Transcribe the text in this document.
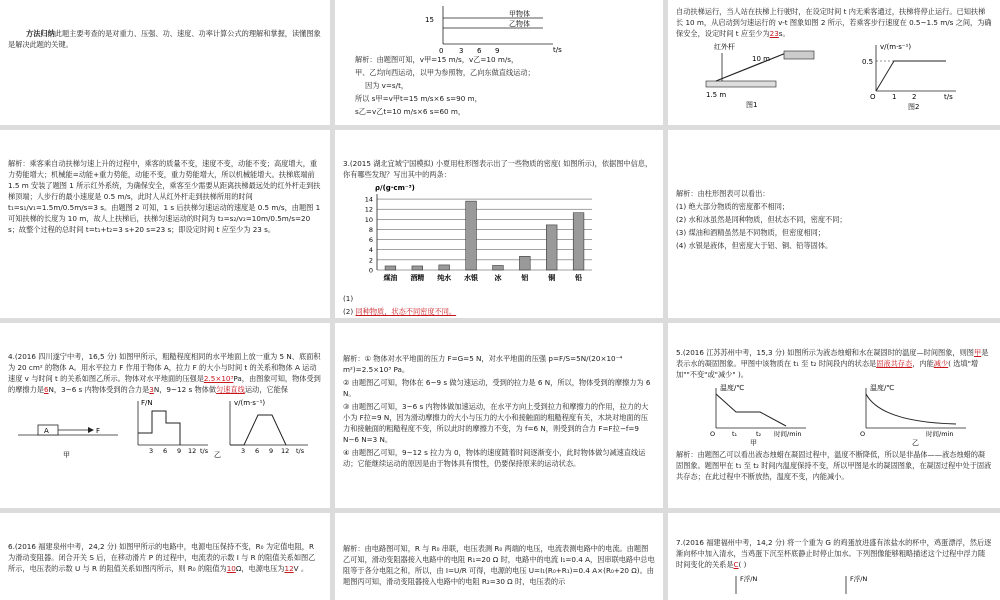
方法归纳此题主要考查的是对重力、压强、功、速度、功率计算公式的理解和掌握，读懂图象是解决此题的关键。

15
甲物体
乙物体
0 3 6 9	t/s

解析：由题图可知，v甲=15 m/s，v乙=10 m/s，

甲、乙均向西运动，以甲为参照物，乙向东做直线运动；

因为 v=s/t，

所以 s甲=v甲t=15 m/s×6 s=90 m，

s乙=v乙t=10 m/s×6 s=60 m，

自动扶梯运行，当人站在扶梯上行驶时，在设定时间 t 内无乘客通过，扶梯将停止运行。已知扶梯长 10 m，从启动到匀速运行的 v-t 图象如图 2 所示，若乘客步行速度在 0.5~1.5 m/s 之间，为确保安全，设定时间 t 应至少为23s。

红外杆
10 m
1.5 m
图1
v/(m·s⁻¹)
0.5
O 1 2	t/s
图2

解析：乘客乘自动扶梯匀速上升的过程中，乘客的质量不变，速度不变，动能不变；高度增大，重力势能增大；机械能=动能+重力势能，动能不变，重力势能增大，所以机械能增大。扶梯底端前 1.5 m 安装了题图 1 所示红外系统，为确保安全，乘客至少需要从距离扶梯最远处的红外杆走到扶梯顶端；人步行的最小速度是 0.5 m/s，此时人从红外杆走到扶梯所用的时间 t₁=s₁/v₁=1.5m/0.5m/s=3 s。由题图 2 可知，1 s 后扶梯匀速运动的速度是 0.5 m/s，由题图 1 可知扶梯的长度为 10 m，故人上扶梯后，扶梯匀速运动的时间为 t₂=s₂/v₂=10m/0.5m/s=20 s；故整个过程的总时间 t=t₁+t₂=3 s+20 s=23 s；即设定时间 t 应至少为 23 s。

3.(2015 湖北宜城宁国模拟) 小夏用柱形图表示出了一些物质的密度( 如图所示)，依据图中信息，你有哪些发现？写出其中的两条：

ρ/(g·cm⁻³)
0
2
4
6
8
10
12
14
煤油 酒精 纯水 水银 冰	铝	铜	铅

(1)

(2) 同种物质，状态不同密度不同。

解析：由柱形图表可以看出：

(1) 绝大部分物质的密度都不相同；

(2) 水和冰虽然是同种物质，但状态不同，密度不同；

(3) 煤油和酒精虽然是不同物质，但密度相同；

(4) 水银是液体，但密度大于铝、铜、铅等固体。

4.(2016 四川遂宁中考，16,5 分) 如图甲所示，粗糙程度相同的水平地面上放一重为 5 N、底面积为 20 cm² 的物体 A。用水平拉力 F 作用于物体 A，拉力 F 的大小与时间 t 的关系和物体 A 运动速度 v 与时间 t 的关系如图乙所示。物体对水平地面的压强是2.5×10³Pa，由图象可知，物体受到的摩擦力是6N，3~6 s 内物体受到的合力是3N，9~12 s 物体做匀速直线运动，它能保

A	F
甲
F/N
3 6 9 12 t/s 乙
v/(m·s⁻¹)
3 6 9 12 t/s

解析：① 物体对水平地面的压力 F=G=5 N，对水平地面的压强 p=F/S=5N/(20×10⁻⁴ m²)=2.5×10³ Pa。

② 由题图乙可知，物体在 6~9 s 做匀速运动，受到的拉力是 6 N，所以，物体受到的摩擦力为 6 N。

③ 由题图乙可知，3~6 s 内物体做加速运动，在水平方向上受到拉力和摩擦力的作用，拉力的大小为 F拉=9 N，因为滑动摩擦力的大小与压力的大小和接触面的粗糙程度有关，木块对地面的压力和接触面的粗糙程度不变，所以此时的摩擦力不变，为 f=6 N，则受到的合力 F=F拉−f=9 N−6 N=3 N。

④ 由题图乙可知，9~12 s 拉力为 0，物体的速度随着时间逐渐变小，此时物体做匀减速直线运动；它能继续运动的原因是由于物体具有惯性，仍要保持原来的运动状态。

5.(2016 江苏苏州中考，15,3 分) 如图所示为液态烛蜡和水在凝固时的温度—时间图象，则图甲是表示水的凝固图象。甲图中该物质在 t₁ 至 t₂ 时间段内的状态是固液共存态，内能减少( 选填"增加""不变"或"减少" )。

温度/℃
O	t₁	t₂ 时间/min
甲
温度/℃
O	时间/min
乙

解析：由题图乙可以看出液态烛蜡在凝固过程中，温度不断降低，所以是非晶体——液态烛蜡的凝固图象。题图甲在 t₁ 至 t₂ 时间内温度保持不变，所以甲图是水的凝固图象，在凝固过程中处于固液共存态；在此过程中不断放热，温度不变，内能减小。

6.(2016 福建泉州中考，24,2 分) 如图甲所示的电路中，电源电压保持不变，R₀ 为定值电阻，R 为滑动变阻器。闭合开关 S 后，在移动滑片 P 的过程中，电流表的示数 I 与 R 的阻值关系如图乙所示，电压表的示数 U 与 R 的阻值关系如图丙所示，则 R₀ 的阻值为10Ω，电源电压为12V 。

解析：由电路图可知，R 与 R₀ 串联，电压表测 R₀ 两端的电压，电流表测电路中的电流。由题图乙可知，滑动变阻器接入电路中的电阻 R₁=20 Ω 时，电路中的电流 I₁=0.4 A，因串联电路中总电阻等于各分电阻之和，所以，由 I=U/R 可得，电源的电压 U=I₁(R₀+R₁)=0.4 A×(R₀+20 Ω)。由题图丙可知，滑动变阻器接入电路中的电阻 R₂=30 Ω 时，电压表的示

7.(2016 福建福州中考，14,2 分) 将一个重为 G 的鸡蛋放进盛有浓盐水的杯中，鸡蛋漂浮，然后逐渐向杯中加入清水，当鸡蛋下沉至杯底静止时停止加水。下列图像能够粗略描述这个过程中浮力随时间变化的关系是C( )

F浮/N	F浮/N
